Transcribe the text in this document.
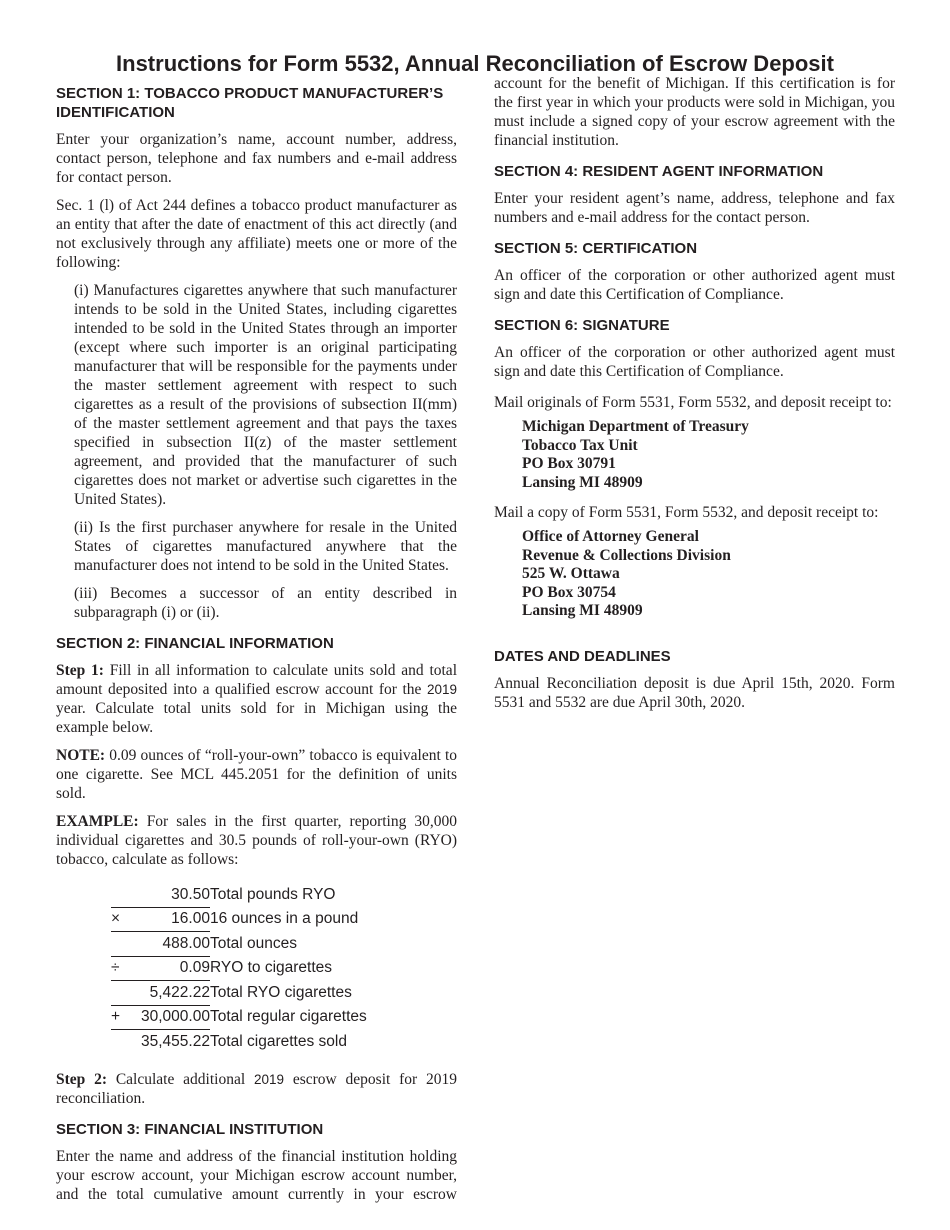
Instructions for Form 5532, Annual Reconciliation of Escrow Deposit
SECTION 1: TOBACCO PRODUCT MANUFACTURER’S IDENTIFICATION

Enter your organization’s name, account number, address, contact person, telephone and fax numbers and e-mail address for contact person.

Sec. 1 (l) of Act 244 defines a tobacco product manufacturer as an entity that after the date of enactment of this act directly (and not exclusively through any affiliate) meets one or more of the following:

(i) Manufactures cigarettes anywhere that such manufacturer intends to be sold in the United States, including cigarettes intended to be sold in the United States through an importer (except where such importer is an original participating manufacturer that will be responsible for the payments under the master settlement agreement with respect to such cigarettes as a result of the provisions of subsection II(mm) of the master settlement agreement and that pays the taxes specified in subsection II(z) of the master settlement agreement, and provided that the manufacturer of such cigarettes does not market or advertise such cigarettes in the United States).

(ii) Is the first purchaser anywhere for resale in the United States of cigarettes manufactured anywhere that the manufacturer does not intend to be sold in the United States.

(iii) Becomes a successor of an entity described in subparagraph (i) or (ii).

SECTION 2: FINANCIAL INFORMATION

Step 1: Fill in all information to calculate units sold and total amount deposited into a qualified escrow account for the 2019 year. Calculate total units sold for in Michigan using the example below.

NOTE: 0.09 ounces of “roll-your-own” tobacco is equivalent to one cigarette. See MCL 445.2051 for the definition of units sold.

EXAMPLE: For sales in the first quarter, reporting 30,000 individual cigarettes and 30.5 pounds of roll-your-own (RYO) tobacco, calculate as follows:

	30.50	Total pounds RYO
×	16.00	16 ounces in a pound
	488.00	Total ounces
÷	0.09	RYO to cigarettes
	5,422.22	Total RYO cigarettes
+	30,000.00	Total regular cigarettes
	35,455.22	Total cigarettes sold

Step 2: Calculate additional 2019 escrow deposit for 2019 reconciliation.

SECTION 3: FINANCIAL INSTITUTION

Enter the name and address of the financial institution holding your escrow account, your Michigan escrow account number, and the total cumulative amount currently in your escrow

account for the benefit of Michigan. If this certification is for the first year in which your products were sold in Michigan, you must include a signed copy of your escrow agreement with the financial institution.

SECTION 4: RESIDENT AGENT INFORMATION

Enter your resident agent’s name, address, telephone and fax numbers and e-mail address for the contact person.

SECTION 5: CERTIFICATION

An officer of the corporation or other authorized agent must sign and date this Certification of Compliance.

SECTION 6: SIGNATURE

An officer of the corporation or other authorized agent must sign and date this Certification of Compliance.

Mail originals of Form 5531, Form 5532, and deposit receipt to:

Michigan Department of Treasury
Tobacco Tax Unit
PO Box 30791
Lansing MI 48909

Mail a copy of Form 5531, Form 5532, and deposit receipt to:

Office of Attorney General
Revenue & Collections Division
525 W. Ottawa
PO Box 30754
Lansing MI 48909
DATES AND DEADLINES

Annual Reconciliation deposit is due April 15th, 2020. Form 5531 and 5532 are due April 30th, 2020.
